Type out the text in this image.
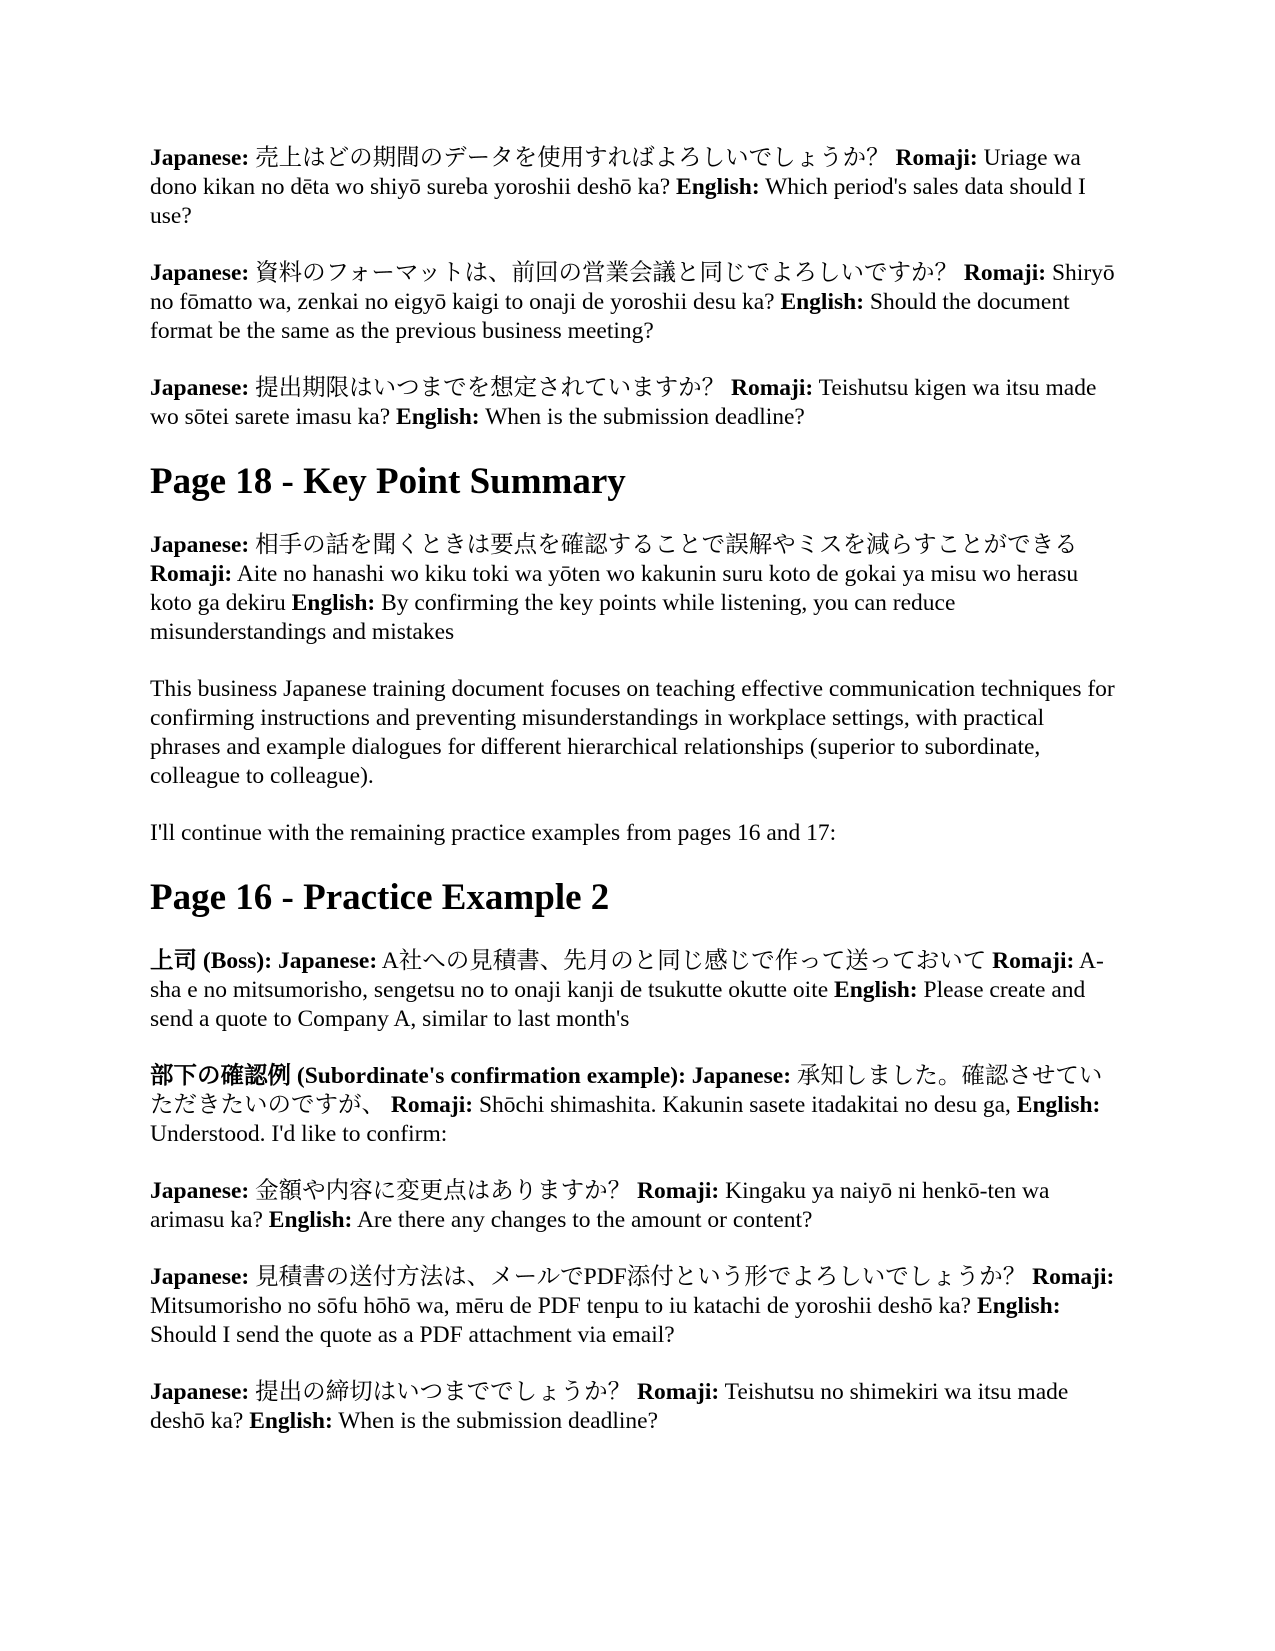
Japanese: 売上はどの期間のデータを使用すればよろしいでしょうか？ Romaji: Uriage wa dono kikan no dēta wo shiyō sureba yoroshii deshō ka? English: Which period's sales data should I use?

Japanese: 資料のフォーマットは、前回の営業会議と同じでよろしいですか？ Romaji: Shiryō no fōmatto wa, zenkai no eigyō kaigi to onaji de yoroshii desu ka? English: Should the document format be the same as the previous business meeting?

Japanese: 提出期限はいつまでを想定されていますか？ Romaji: Teishutsu kigen wa itsu made wo sōtei sarete imasu ka? English: When is the submission deadline?

Page 18 - Key Point Summary

Japanese: 相手の話を聞くときは要点を確認することで誤解やミスを減らすことができる Romaji: Aite no hanashi wo kiku toki wa yōten wo kakunin suru koto de gokai ya misu wo herasu koto ga dekiru English: By confirming the key points while listening, you can reduce misunderstandings and mistakes

This business Japanese training document focuses on teaching effective communication techniques for confirming instructions and preventing misunderstandings in workplace settings, with practical phrases and example dialogues for different hierarchical relationships (superior to subordinate, colleague to colleague).

I'll continue with the remaining practice examples from pages 16 and 17:

Page 16 - Practice Example 2

上司 (Boss): Japanese: A社への見積書、先月のと同じ感じで作って送っておいて Romaji: A-sha e no mitsumorisho, sengetsu no to onaji kanji de tsukutte okutte oite English: Please create and send a quote to Company A, similar to last month's

部下の確認例 (Subordinate's confirmation example): Japanese: 承知しました。確認させていただきたいのですが、 Romaji: Shōchi shimashita. Kakunin sasete itadakitai no desu ga, English: Understood. I'd like to confirm:

Japanese: 金額や内容に変更点はありますか？ Romaji: Kingaku ya naiyō ni henkō-ten wa arimasu ka? English: Are there any changes to the amount or content?

Japanese: 見積書の送付方法は、メールでPDF添付という形でよろしいでしょうか？ Romaji: Mitsumorisho no sōfu hōhō wa, mēru de PDF tenpu to iu katachi de yoroshii deshō ka? English: Should I send the quote as a PDF attachment via email?

Japanese: 提出の締切はいつまででしょうか？ Romaji: Teishutsu no shimekiri wa itsu made deshō ka? English: When is the submission deadline?
